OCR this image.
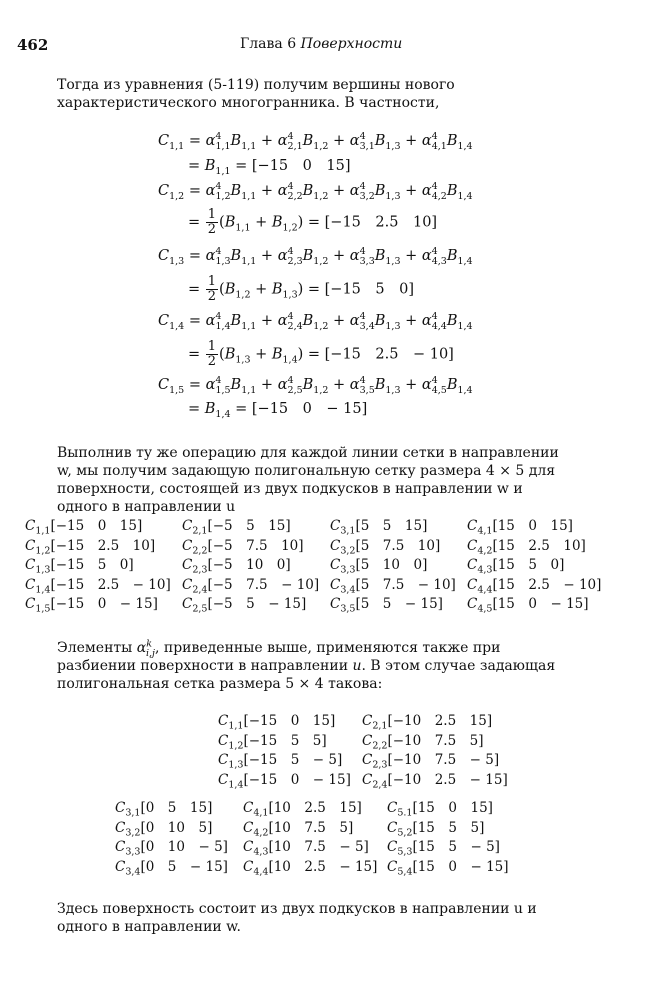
462	Глава 6 Поверхности
Тогда из уравнения (5-119) получим вершины нового характеристического многогранника. В частности,
$C_{1,1} = \alpha^4_{1,1}B_{1,1} + \alpha^4_{2,1}B_{1,2} + \alpha^4_{3,1}B_{1,3} + \alpha^4_{4,1}B_{1,4}$
= $B_{1,1} = [-15$ 0 15]
$C_{1,2} = \alpha^4_{1,2}B_{1,1} + \alpha^4_{2,2}B_{1,2} + \alpha^4_{3,2}B_{1,3} + \alpha^4_{4,2}B_{1,4}$
= $\frac{1}{2} (B_{1,1} + B_{1,2}) = [-15$ 2.5 10]
$C_{1,3} = \alpha^4_{1,3}B_{1,1} + \alpha^4_{2,3}B_{1,2} + \alpha^4_{3,3}B_{1,3} + \alpha^4_{4,3}B_{1,4}$
= $\frac{1}{2} (B_{1,2} + B_{1,3}) = [-15$ 5 0]
$C_{1,4} = \alpha^4_{1,4}B_{1,1} + \alpha^4_{2,4}B_{1,2} + \alpha^4_{3,4}B_{1,3} + \alpha^4_{4,4}B_{1,4}$
= $\frac{1}{2} (B_{1,3} + B_{1,4}) = [-15$ 2.5 − 10]
$C_{1,5} = \alpha^4_{1,5}B_{1,1} + \alpha^4_{2,5}B_{1,2} + \alpha^4_{3,5}B_{1,3} + \alpha^4_{4,5}B_{1,4}$
= $B_{1,4} = [-15$ 0 − 15]
Выполнив ту же операцию для каждой линии сетки в направлении w, мы получим задающую полигональную сетку размера 4 × 5 для поверхности, состоящей из двух подкусков в направлении w и одного в направлении u
$C_{1,1}[-15$ 0 15]
$C_{1,2}[-15$ 2.5 10]
$C_{1,3}[-15$ 5 0]
$C_{1,4}[-15$ 2.5 − 10]
$C_{1,5}[-15$ 0 − 15]
$C_{2,1}[-5$ 5 15]
$C_{2,2}[-5$ 7.5 10]
$C_{2,3}[-5$ 10 0]
$C_{2,4}[-5$ 7.5 − 10]
$C_{2,5}[-5$ 5 − 15]
$C_{3,1}[5$ 5 15]
$C_{3,2}[5$ 7.5 10]
$C_{3,3}[5$ 10 0]
$C_{3,4}[5$ 7.5 − 10]
$C_{3,5}[5$ 5 − 15]
$C_{4,1}[15$ 0 15]
$C_{4,2}[15$ 2.5 10]
$C_{4,3}[15$ 5 0]
$C_{4,4}[15$ 2.5 − 10]
$C_{4,5}[15$ 0 − 15]
Элементы $\alpha^k_{i,j}$, приведенные выше, применяются также при разбиении поверхности в направлении u. В этом случае задающая полигональная сетка размера 5 × 4 такова:
$C_{1,1}[-15$ 0 15]
$C_{1,2}[-15$ 5 5]
$C_{1,3}[-15$ 5 − 5]
$C_{1,4}[-15$ 0 − 15]
$C_{2,1}[-10$ 2.5 15]
$C_{2,2}[-10$ 7.5 5]
$C_{2,3}[-10$ 7.5 − 5]
$C_{2,4}[-10$ 2.5 − 15]
$C_{3,1}[0$ 5 15]
$C_{3,2}[0$ 10 5]
$C_{3,3}[0$ 10 − 5]
$C_{3,4}[0$ 5 − 15]
$C_{4,1}[10$ 2.5 15]
$C_{4,2}[10$ 7.5 5]
$C_{4,3}[10$ 7.5 − 5]
$C_{4,4}[10$ 2.5 − 15]
$C_{5.1}[15$ 0 15]
$C_{5,2}[15$ 5 5]
$C_{5,3}[15$ 5 − 5]
$C_{5,4}[15$ 0 − 15]
Здесь поверхность состоит из двух подкусков в направлении u и одного в направлении w.
